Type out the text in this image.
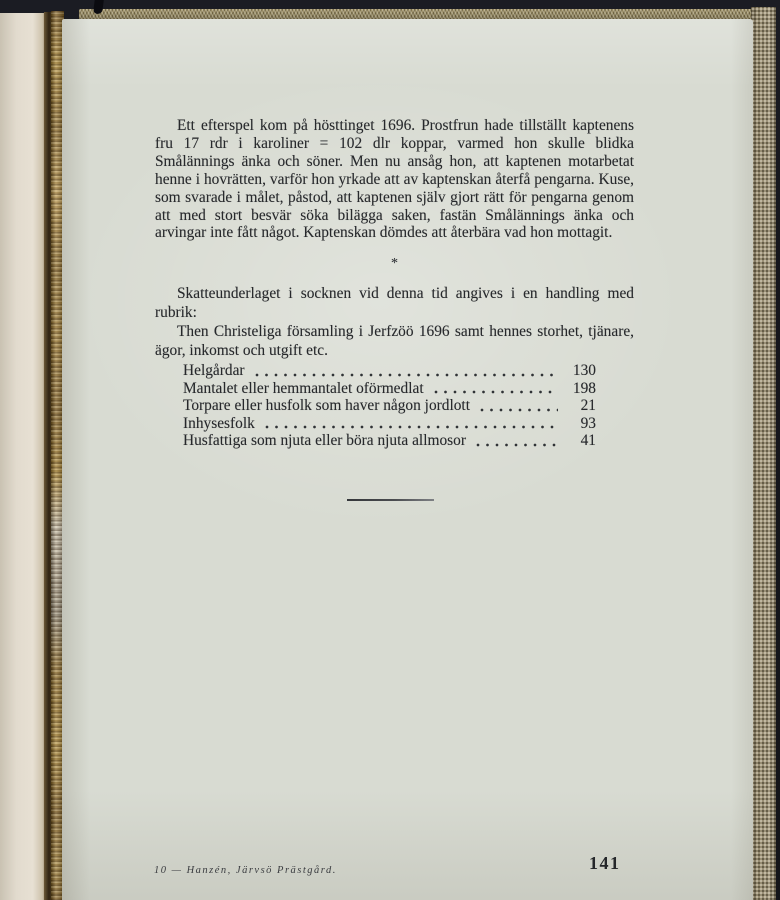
Ett efterspel kom på hösttinget 1696. Prostfrun hade tillställt kaptenens fru 17 rdr i karoliner = 102 dlr koppar, varmed hon skulle blidka Smålännings änka och söner. Men nu ansåg hon, att kaptenen motarbetat henne i hovrätten, varför hon yrkade att av kaptenskan återfå pengarna. Kuse, som svarade i målet, påstod, att kaptenen själv gjort rätt för pengarna genom att med stort besvär söka bilägga saken, fastän Smålännings änka och arvingar inte fått något. Kaptenskan dömdes att återbära vad hon mottagit.

*

Skatteunderlaget i socknen vid denna tid angives i en handling med rubrik:

Then Christeliga församling i Jerfzöö 1696 samt hennes storhet, tjänare, ägor, inkomst och utgift etc.

Helgårdar	130
Mantalet eller hemmantalet oförmedlat	198
Torpare eller husfolk som haver någon jordlott	21
Inhysesfolk	93
Husfattiga som njuta eller böra njuta allmosor	41
10 — Hanzén, Järvsö Prästgård.	141
